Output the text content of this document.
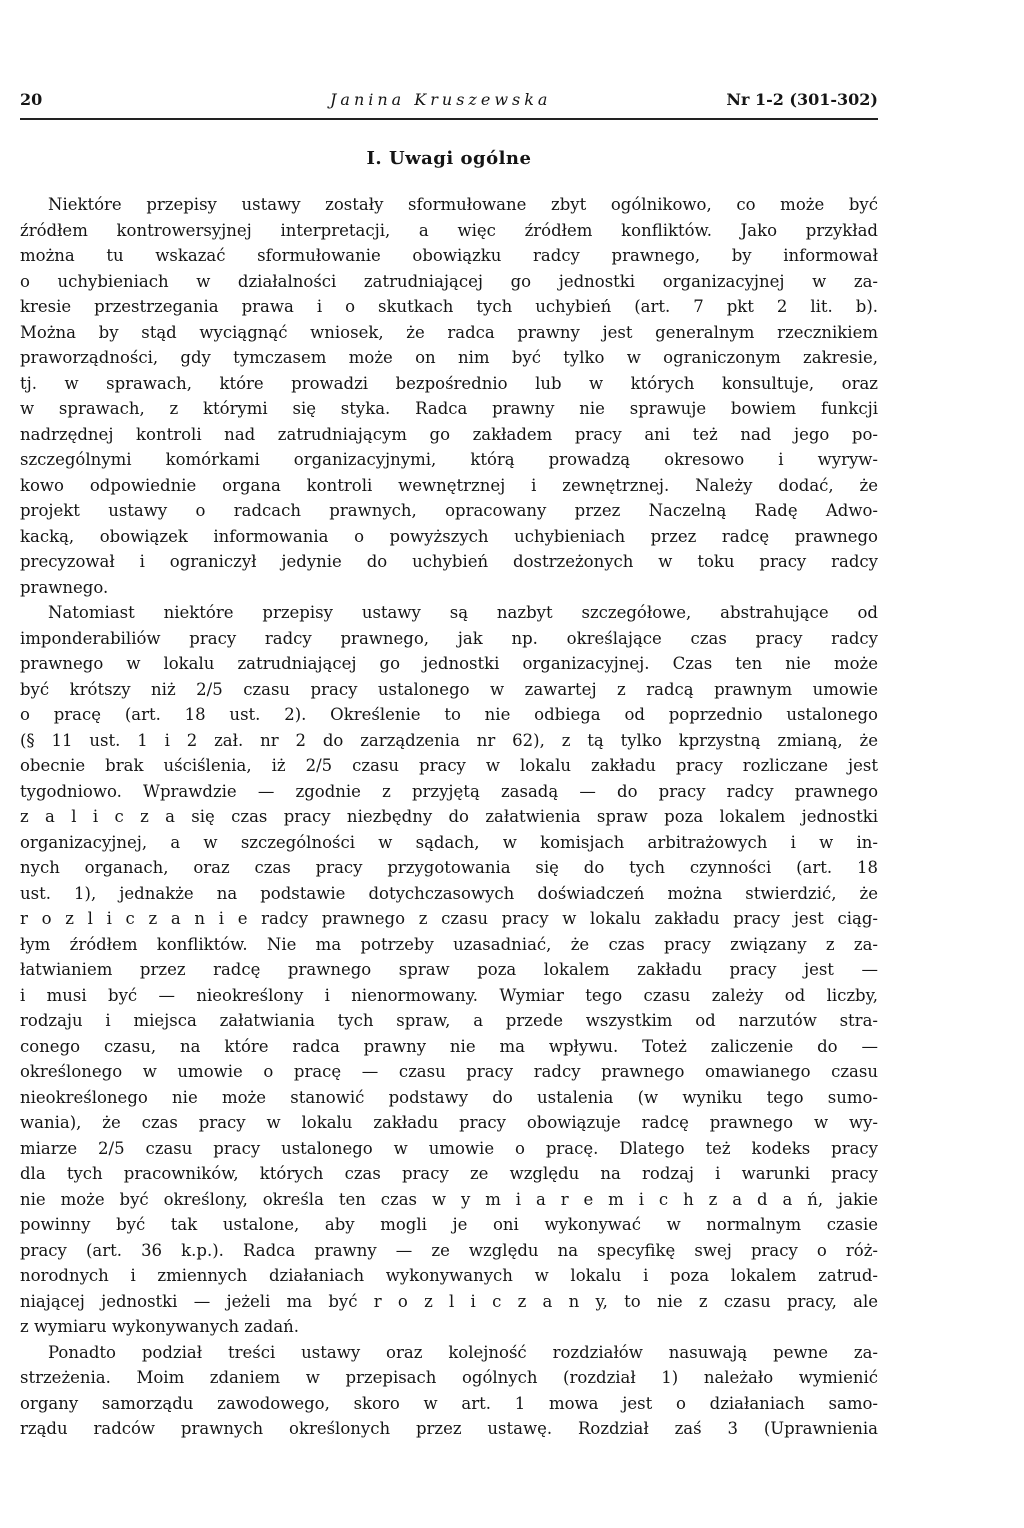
20	Janina Kruszewska	Nr 1-2 (301-302)
I. Uwagi ogólne
Niektóre przepisy ustawy zostały sformułowane zbyt ogólnikowo, co może być
źródłem kontrowersyjnej interpretacji, a więc źródłem konfliktów. Jako przykład
można tu wskazać sformułowanie obowiązku radcy prawnego, by informował
o uchybieniach w działalności zatrudniającej go jednostki organizacyjnej w za-
kresie przestrzegania prawa i o skutkach tych uchybień (art. 7 pkt 2 lit. b).
Można by stąd wyciągnąć wniosek, że radca prawny jest generalnym rzecznikiem
praworządności, gdy tymczasem może on nim być tylko w ograniczonym zakresie,
tj. w sprawach, które prowadzi bezpośrednio lub w których konsultuje, oraz
w sprawach, z którymi się styka. Radca prawny nie sprawuje bowiem funkcji
nadrzędnej kontroli nad zatrudniającym go zakładem pracy ani też nad jego po-
szczególnymi komórkami organizacyjnymi, którą prowadzą okresowo i wyryw-
kowo odpowiednie organa kontroli wewnętrznej i zewnętrznej. Należy dodać, że
projekt ustawy o radcach prawnych, opracowany przez Naczelną Radę Adwo-
kacką, obowiązek informowania o powyższych uchybieniach przez radcę prawnego
precyzował i ograniczył jedynie do uchybień dostrzeżonych w toku pracy radcy
prawnego.
Natomiast niektóre przepisy ustawy są nazbyt szczegółowe, abstrahujące od
imponderabiliów pracy radcy prawnego, jak np. określające czas pracy radcy
prawnego w lokalu zatrudniającej go jednostki organizacyjnej. Czas ten nie może
być krótszy niż 2/5 czasu pracy ustalonego w zawartej z radcą prawnym umowie
o pracę (art. 18 ust. 2). Określenie to nie odbiega od poprzednio ustalonego
(§ 11 ust. 1 i 2 zał. nr 2 do zarządzenia nr 62), z tą tylko kprzystną zmianą, że
obecnie brak uściślenia, iż 2/5 czasu pracy w lokalu zakładu pracy rozliczane jest
tygodniowo. Wprawdzie — zgodnie z przyjętą zasadą — do pracy radcy prawnego
z a l i c z a się czas pracy niezbędny do załatwienia spraw poza lokalem jednostki
organizacyjnej, a w szczególności w sądach, w komisjach arbitrażowych i w in-
nych organach, oraz czas pracy przygotowania się do tych czynności (art. 18
ust. 1), jednakże na podstawie dotychczasowych doświadczeń można stwierdzić, że
r o z l i c z a n i e radcy prawnego z czasu pracy w lokalu zakładu pracy jest ciąg-
łym źródłem konfliktów. Nie ma potrzeby uzasadniać, że czas pracy związany z za-
łatwianiem przez radcę prawnego spraw poza lokalem zakładu pracy jest —
i musi być — nieokreślony i nienormowany. Wymiar tego czasu zależy od liczby,
rodzaju i miejsca załatwiania tych spraw, a przede wszystkim od narzutów stra-
conego czasu, na które radca prawny nie ma wpływu. Toteż zaliczenie do —
określonego w umowie o pracę — czasu pracy radcy prawnego omawianego czasu
nieokreślonego nie może stanowić podstawy do ustalenia (w wyniku tego sumo-
wania), że czas pracy w lokalu zakładu pracy obowiązuje radcę prawnego w wy-
miarze 2/5 czasu pracy ustalonego w umowie o pracę. Dlatego też kodeks pracy
dla tych pracowników, których czas pracy ze względu na rodzaj i warunki pracy
nie może być określony, określa ten czas w y m i a r e m i c h z a d a ń, jakie
powinny być tak ustalone, aby mogli je oni wykonywać w normalnym czasie
pracy (art. 36 k.p.). Radca prawny — ze względu na specyfikę swej pracy o róż-
norodnych i zmiennych działaniach wykonywanych w lokalu i poza lokalem zatrud-
niającej jednostki — jeżeli ma być r o z l i c z a n y, to nie z czasu pracy, ale
z wymiaru wykonywanych zadań.
Ponadto podział treści ustawy oraz kolejność rozdziałów nasuwają pewne za-
strzeżenia. Moim zdaniem w przepisach ogólnych (rozdział 1) należało wymienić
organy samorządu zawodowego, skoro w art. 1 mowa jest o działaniach samo-
rządu radców prawnych określonych przez ustawę. Rozdział zaś 3 (Uprawnienia
